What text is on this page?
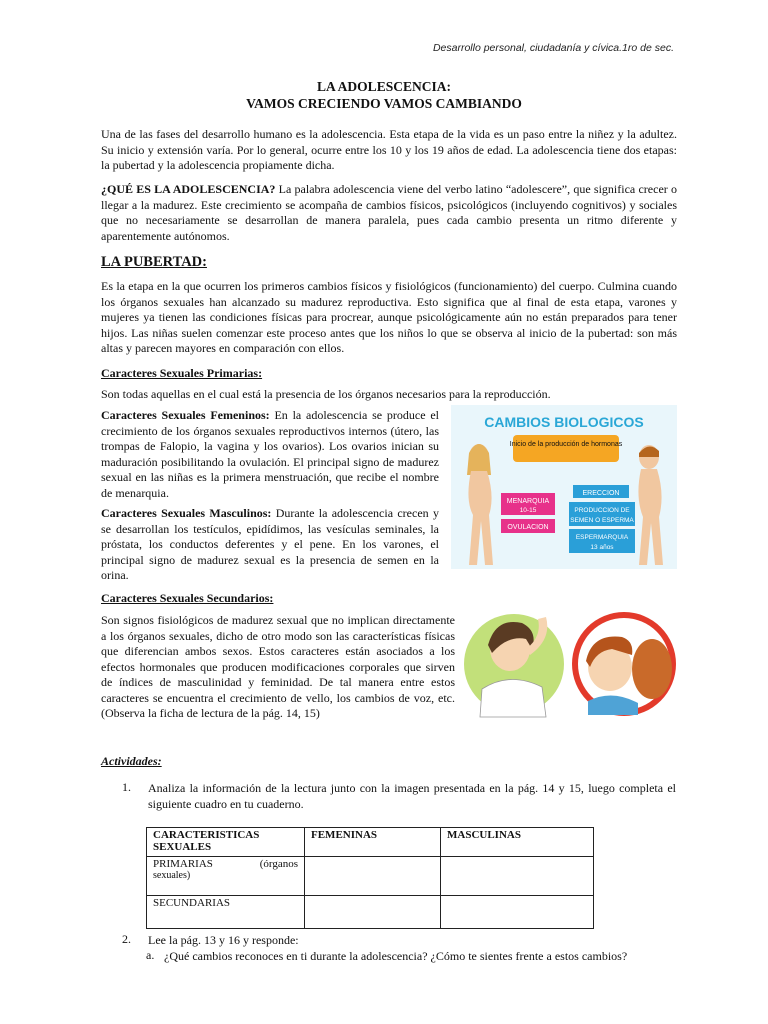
Desarrollo personal, ciudadanía y cívica.1ro de sec.
LA ADOLESCENCIA:
VAMOS CRECIENDO VAMOS CAMBIANDO
Una de las fases del desarrollo humano es la adolescencia. Esta etapa de la vida es un paso entre la niñez y la adultez. Su inicio y extensión varía. Por lo general, ocurre entre los 10 y los 19 años de edad. La adolescencia tiene dos etapas: la pubertad y la adolescencia propiamente dicha.
¿QUÉ ES LA ADOLESCENCIA? La palabra adolescencia viene del verbo latino “adolescere”, que significa crecer o llegar a la madurez. Este crecimiento se acompaña de cambios físicos, psicológicos (incluyendo cognitivos) y sociales que no necesariamente se desarrollan de manera paralela, pues cada cambio presenta un ritmo diferente y aparentemente autónomos.
LA PUBERTAD:
Es la etapa en la que ocurren los primeros cambios físicos y fisiológicos (funcionamiento) del cuerpo. Culmina cuando los órganos sexuales han alcanzado su madurez reproductiva. Esto significa que al final de esta etapa, varones y mujeres ya tienen las condiciones físicas para procrear, aunque psicológicamente aún no están preparados para tener hijos. Las niñas suelen comenzar este proceso antes que los niños lo que se observa al inicio de la pubertad: son más altas y parecen mayores en comparación con ellos.
Caracteres Sexuales Primarias:
Son todas aquellas en el cual está la presencia de los órganos necesarios para la reproducción.
Caracteres Sexuales Femeninos: En la adolescencia se produce el crecimiento de los órganos sexuales reproductivos internos (útero, las trompas de Falopio, la vagina y los ovarios). Los ovarios inician su maduración posibilitando la ovulación. El principal signo de madurez sexual en las niñas es la primera menstruación, que recibe el nombre de menarquia.
Caracteres Sexuales Masculinos: Durante la adolescencia crecen y se desarrollan los testículos, epidídimos, las vesículas seminales, la próstata, los conductos deferentes y el pene. En los varones, el principal signo de madurez sexual es la presencia de semen en la orina.
CAMBIOS BIOLOGICOS
Inicio de la producción de hormonas
MENARQUIA
10-15
OVULACION
ERECCION
PRODUCCION DE
SEMEN O ESPERMA
ESPERMARQUIA
13 años
Caracteres Sexuales Secundarios:
Son signos fisiológicos de madurez sexual que no implican directamente a los órganos sexuales, dicho de otro modo son las características físicas que diferencian ambos sexos. Estos caracteres están asociados a los efectos hormonales que producen modificaciones corporales que sirven de índices de masculinidad y feminidad. De tal manera entre estos caracteres se encuentra el crecimiento de vello, los cambios de voz, etc. (Observa la ficha de lectura de la pág. 14, 15)
Actividades:
1. Analiza la información de la lectura junto con la imagen presentada en la pág. 14 y 15, luego completa el siguiente cuadro en tu cuaderno.
CARACTERISTICAS
SEXUALES	FEMENINAS	MASCULINAS

PRIMARIAS (órganos
sexuales)		

SECUNDARIAS		
2. Lee la pág. 13 y 16 y responde:
a. ¿Qué cambios reconoces en ti durante la adolescencia? ¿Cómo te sientes frente a estos cambios?
